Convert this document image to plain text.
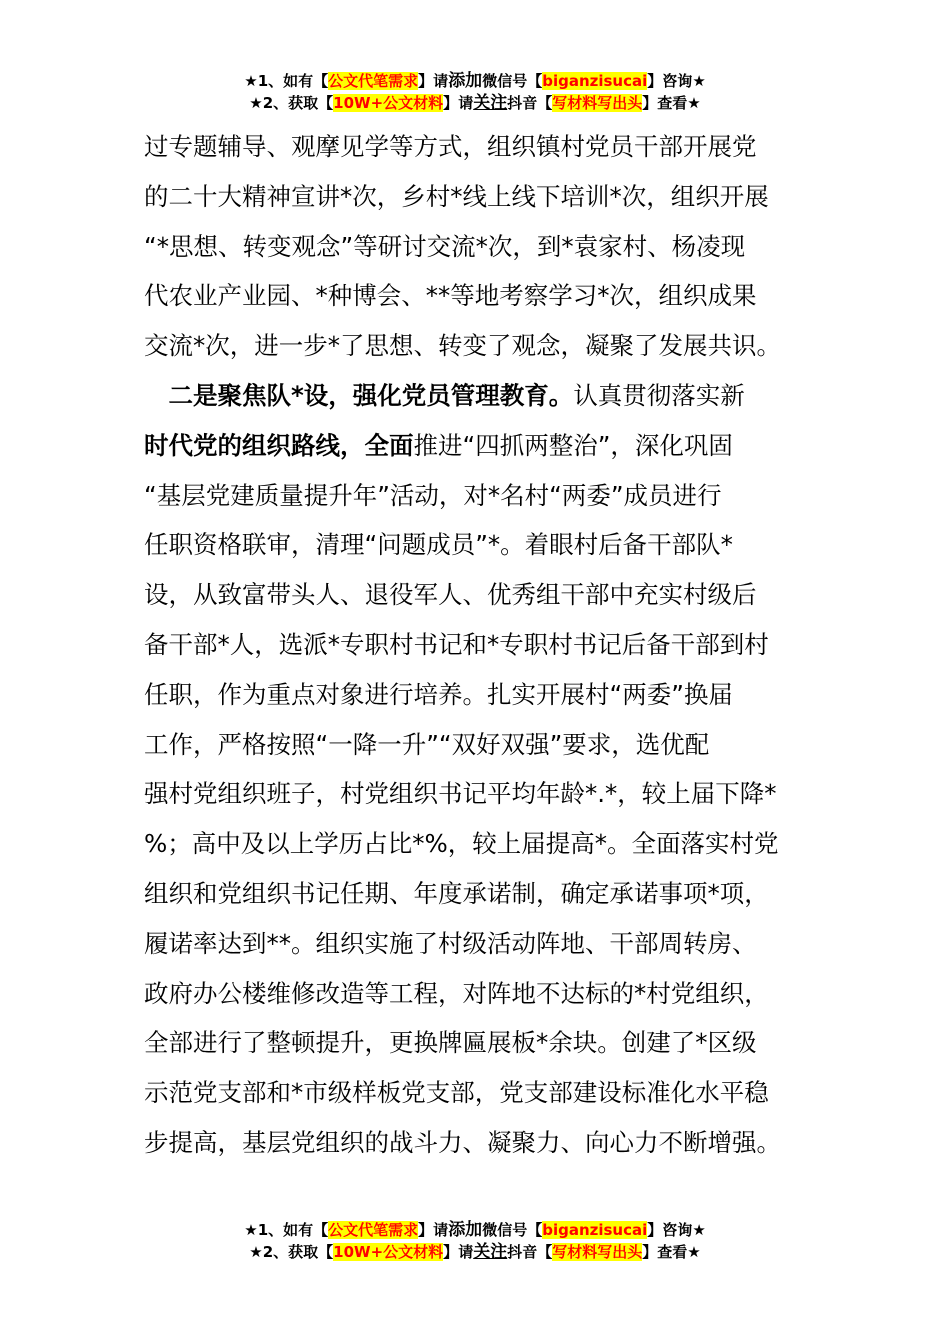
★1、如有【公文代笔需求】请添加微信号【biganzisucai】咨询★
★2、获取【10W+公文材料】请关注抖音【写材料写出头】查看★
过专题辅导、观摩见学等方式，组织镇村党员干部开展党
的二十大精神宣讲*次，乡村*线上线下培训*次，组织开展
“*思想、转变观念”等研讨交流*次，到*袁家村、杨凌现
代农业产业园、*种博会、**等地考察学习*次，组织成果
交流*次，进一步*了思想、转变了观念，凝聚了发展共识。
 二是聚焦队*设，强化党员管理教育。认真贯彻落实新
时代党的组织路线，全面推进“四抓两整治”，深化巩固
“基层党建质量提升年”活动，对*名村“两委”成员进行
任职资格联审，清理“问题成员”*。着眼村后备干部队*
设，从致富带头人、退役军人、优秀组干部中充实村级后
备干部*人，选派*专职村书记和*专职村书记后备干部到村
任职，作为重点对象进行培养。扎实开展村“两委”换届
工作，严格按照“一降一升”“双好双强”要求，选优配
强村党组织班子，村党组织书记平均年龄*.*，较上届下降*
%；高中及以上学历占比*%，较上届提高*。全面落实村党
组织和党组织书记任期、年度承诺制，确定承诺事项*项，
履诺率达到**。组织实施了村级活动阵地、干部周转房、
政府办公楼维修改造等工程，对阵地不达标的*村党组织，
全部进行了整顿提升，更换牌匾展板*余块。创建了*区级
示范党支部和*市级样板党支部，党支部建设标准化水平稳
步提高，基层党组织的战斗力、凝聚力、向心力不断增强。
★1、如有【公文代笔需求】请添加微信号【biganzisucai】咨询★
★2、获取【10W+公文材料】请关注抖音【写材料写出头】查看★
